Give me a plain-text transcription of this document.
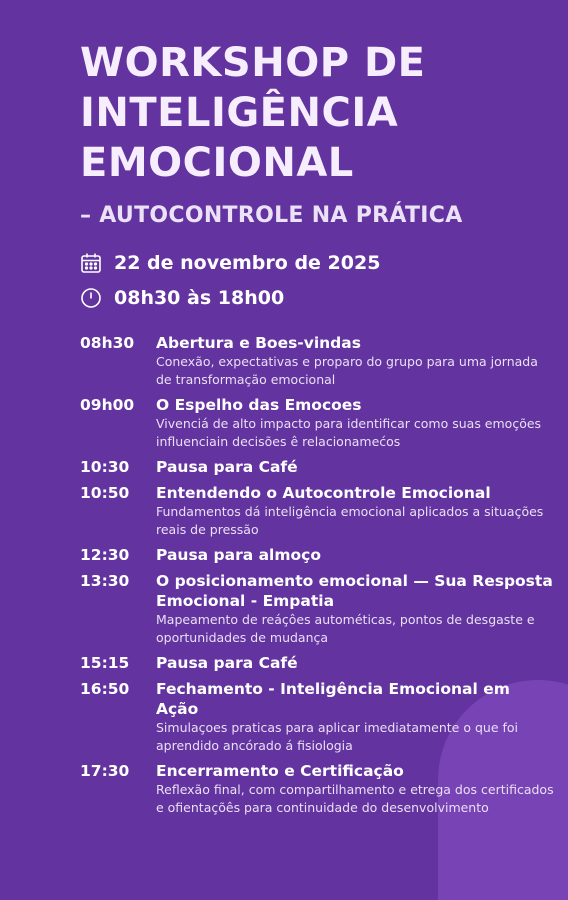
WORKSHOP DE INTELIGÊNCIA EMOCIONAL
– AUTOCONTROLE NA PRÁTICA
22 de novembro de 2025
08h30 às 18h00
08h30	Abertura e Boes-vindas
Conexão, expectativas e proparo do grupo para uma jornada de transformação emocional
09h00	O Espelho das Emocoes
Vivenciá de alto impacto para identificar como suas emoções influenciain decisões ê relacionamećos
10:30	Pausa para Café
10:50	Entendendo o Autocontrole Emocional
Fundamentos dá inteligência emocional aplicados a situações reais de pressão
12:30	Pausa para almoço
13:30	O posicionamento emocional — Sua Resposta Emocional - Empatia
Mapeamento de reáçôes autométicas, pontos de desgaste e oportunidades de mudança
15:15	Pausa para Café
16:50	Fechamento - Inteligência Emocional em Ação
Simulaçoes praticas para aplicar imediatamente o que foi aprendido ancórado á fisiologia
17:30	Encerramento e Certificação
Reflexão final, com compartilhamento e etrega dos certificados e ofientaçõês para continuidade do desenvolvimento
